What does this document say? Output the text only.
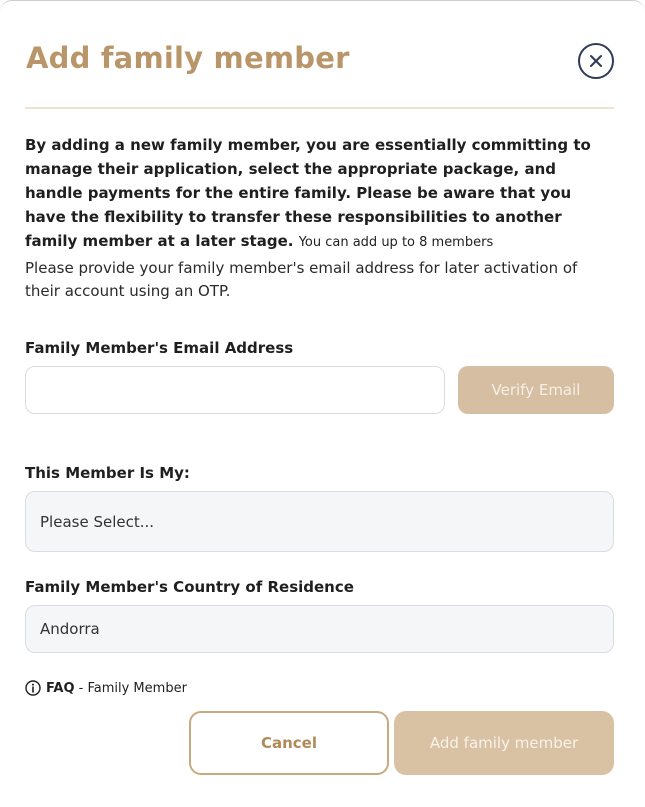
Add family member

By adding a new family member, you are essentially committing to manage their application, select the appropriate package, and handle payments for the entire family. Please be aware that you have the flexibility to transfer these responsibilities to another family member at a later stage. You can add up to 8 members

Please provide your family member's email address for later activation of their account using an OTP.

Family Member's Email Address
Verify Email
This Member Is My:
Please Select...
Family Member's Country of Residence
Andorra
FAQ - Family Member
Cancel	Add family member
